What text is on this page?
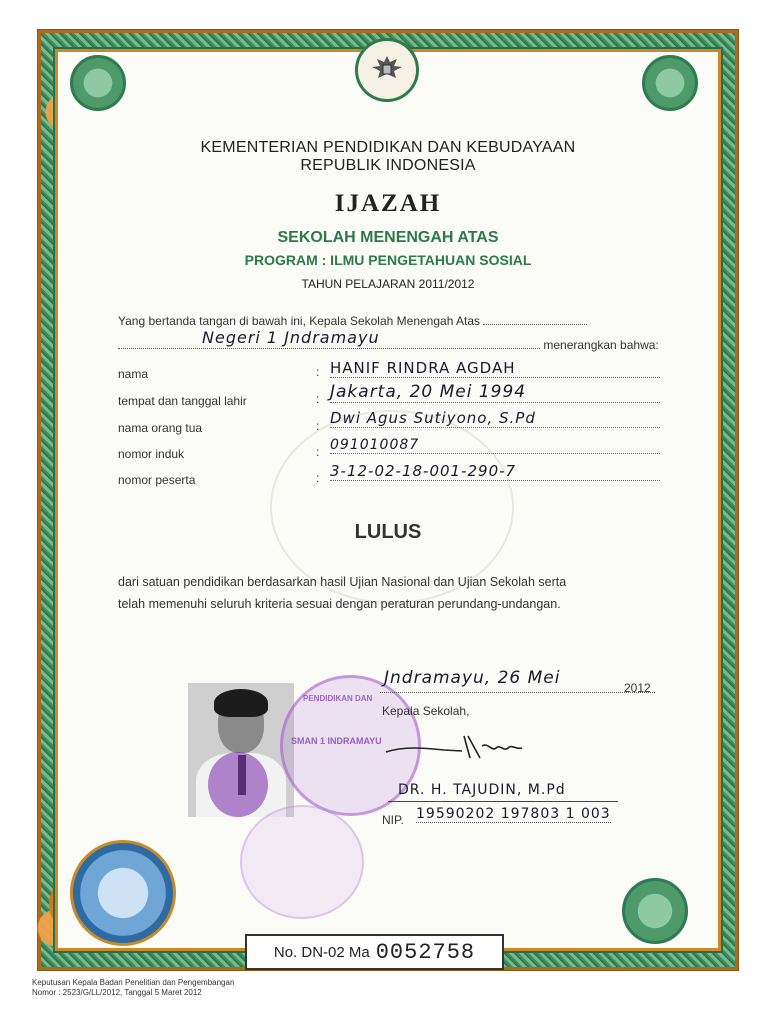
KEMENTERIAN PENDIDIKAN DAN KEBUDAYAAN
REPUBLIK INDONESIA
IJAZAH
SEKOLAH MENENGAH ATAS
PROGRAM : ILMU PENGETAHUAN SOSIAL
TAHUN PELAJARAN 2011/2012
Yang bertanda tangan di bawah ini, Kepala Sekolah Menengah Atas
Negeri 1 Jndramayu	menerangkan bahwa:
nama	: HANIF RINDRA AGDAH
tempat dan tanggal lahir	: Jakarta, 20 Mei 1994
nama orang tua	: Dwi Agus Sutiyono, S.Pd
nomor induk	: 091010087
nomor peserta	: 3-12-02-18-001-290-7
LULUS
dari satuan pendidikan berdasarkan hasil Ujian Nasional dan Ujian Sekolah serta
telah memenuhi seluruh kriteria sesuai dengan peraturan perundang-undangan.
PENDIDIKAN DAN
SMAN 1 INDRAMAYU
Jndramayu, 26 Mei	2012
Kepala Sekolah,
DR. H. TAJUDIN, M.Pd
NIP. 19590202 197803 1 003
No. DN-02 Ma 0052758
Keputusan Kepala Badan Penelitian dan Pengembangan
Nomor : 2523/G/LL/2012, Tanggal 5 Maret 2012
